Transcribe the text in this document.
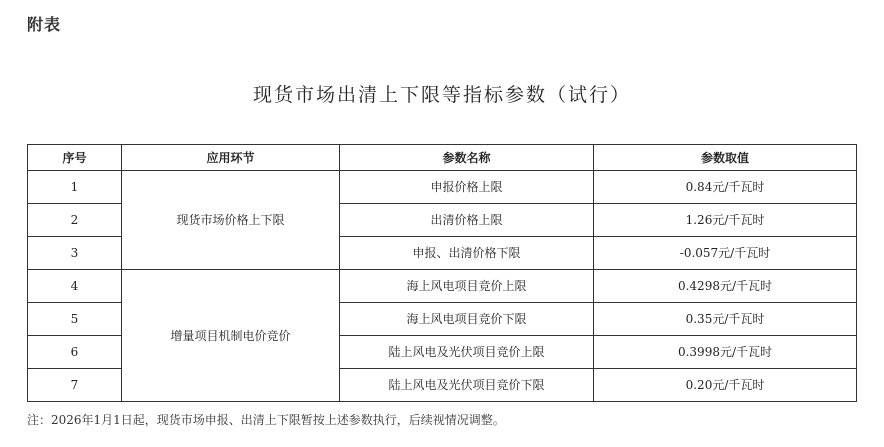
附表
现货市场出清上下限等指标参数（试行）
序号	应用环节	参数名称	参数取值
1	现货市场价格上下限	申报价格上限	0.84元/千瓦时
2		出清价格上限	1.26元/千瓦时
3		申报、出清价格下限	-0.057元/千瓦时
4	增量项目机制电价竞价	海上风电项目竞价上限	0.4298元/千瓦时
5		海上风电项目竞价下限	0.35元/千瓦时
6		陆上风电及光伏项目竞价上限	0.3998元/千瓦时
7		陆上风电及光伏项目竞价下限	0.20元/千瓦时
注：2026年1月1日起，现货市场申报、出清上下限暂按上述参数执行，后续视情况调整。
